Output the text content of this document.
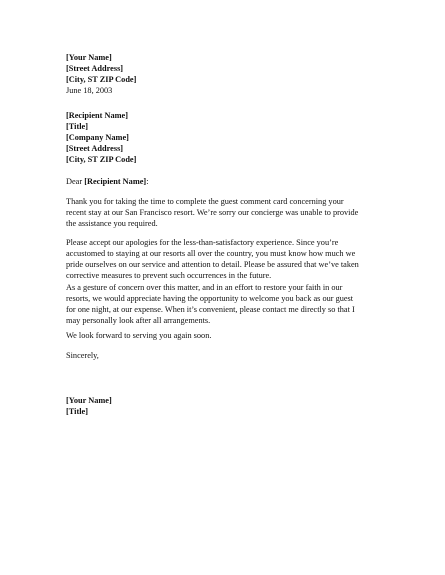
[Your Name]
[Street Address]
[City, ST ZIP Code]
June 18, 2003
[Recipient Name]
[Title]
[Company Name]
[Street Address]
[City, ST ZIP Code]
Dear [Recipient Name]:
Thank you for taking the time to complete the guest comment card concerning your
recent stay at our San Francisco resort. We’re sorry our concierge was unable to provide
the assistance you required.
Please accept our apologies for the less-than-satisfactory experience. Since you’re
accustomed to staying at our resorts all over the country, you must know how much we
pride ourselves on our service and attention to detail. Please be assured that we’ve taken
corrective measures to prevent such occurrences in the future.
As a gesture of concern over this matter, and in an effort to restore your faith in our
resorts, we would appreciate having the opportunity to welcome you back as our guest
for one night, at our expense. When it’s convenient, please contact me directly so that I
may personally look after all arrangements.
We look forward to serving you again soon.
Sincerely,
[Your Name]
[Title]
